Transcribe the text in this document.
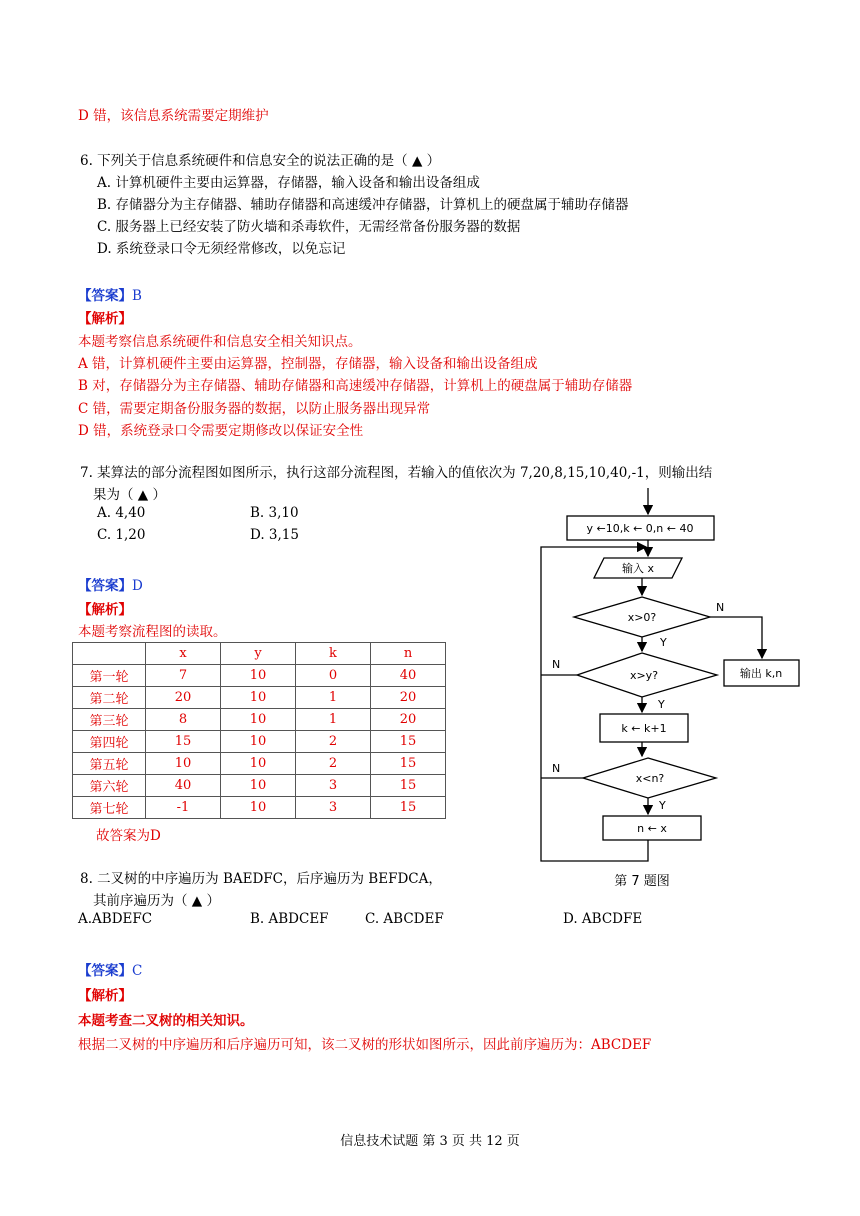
D 错，该信息系统需要定期维护
6. 下列关于信息系统硬件和信息安全的说法正确的是（ ▲ ）
A. 计算机硬件主要由运算器，存储器，输入设备和输出设备组成
B. 存储器分为主存储器、辅助存储器和高速缓冲存储器，计算机上的硬盘属于辅助存储器
C. 服务器上已经安装了防火墙和杀毒软件，无需经常备份服务器的数据
D. 系统登录口令无须经常修改，以免忘记
【答案】B
【解析】
本题考察信息系统硬件和信息安全相关知识点。
A 错，计算机硬件主要由运算器，控制器，存储器，输入设备和输出设备组成
B 对，存储器分为主存储器、辅助存储器和高速缓冲存储器，计算机上的硬盘属于辅助存储器
C 错，需要定期备份服务器的数据，以防止服务器出现异常
D 错，系统登录口令需要定期修改以保证安全性
7. 某算法的部分流程图如图所示，执行这部分流程图，若输入的值依次为 7,20,8,15,10,40,-1，则输出结
果为（ ▲ ）
A. 4,40	B. 3,10
C. 1,20	D. 3,15
【答案】D
【解析】
本题考察流程图的读取。
	x	y	k	n
第一轮	7	10	0	40
第二轮	20	10	1	20
第三轮	8	10	1	20
第四轮	15	10	2	15
第五轮	10	10	2	15
第六轮	40	10	3	15
第七轮	-1	10	3	15
故答案为D
y ←10,k ← 0,n ← 40
输入 x
x>0?
N
Y
输出 k,n
x>y?
N
Y
k ← k+1
x<n?
N
Y
n ← x
第 7 题图
8. 二叉树的中序遍历为 BAEDFC，后序遍历为 BEFDCA，
其前序遍历为（ ▲ ）
A.ABDEFC	B. ABDCEF	C. ABCDEF	D. ABCDFE
【答案】C
【解析】
本题考查二叉树的相关知识。
根据二叉树的中序遍历和后序遍历可知，该二叉树的形状如图所示，因此前序遍历为：ABCDEF
信息技术试题 第 3 页 共 12 页
